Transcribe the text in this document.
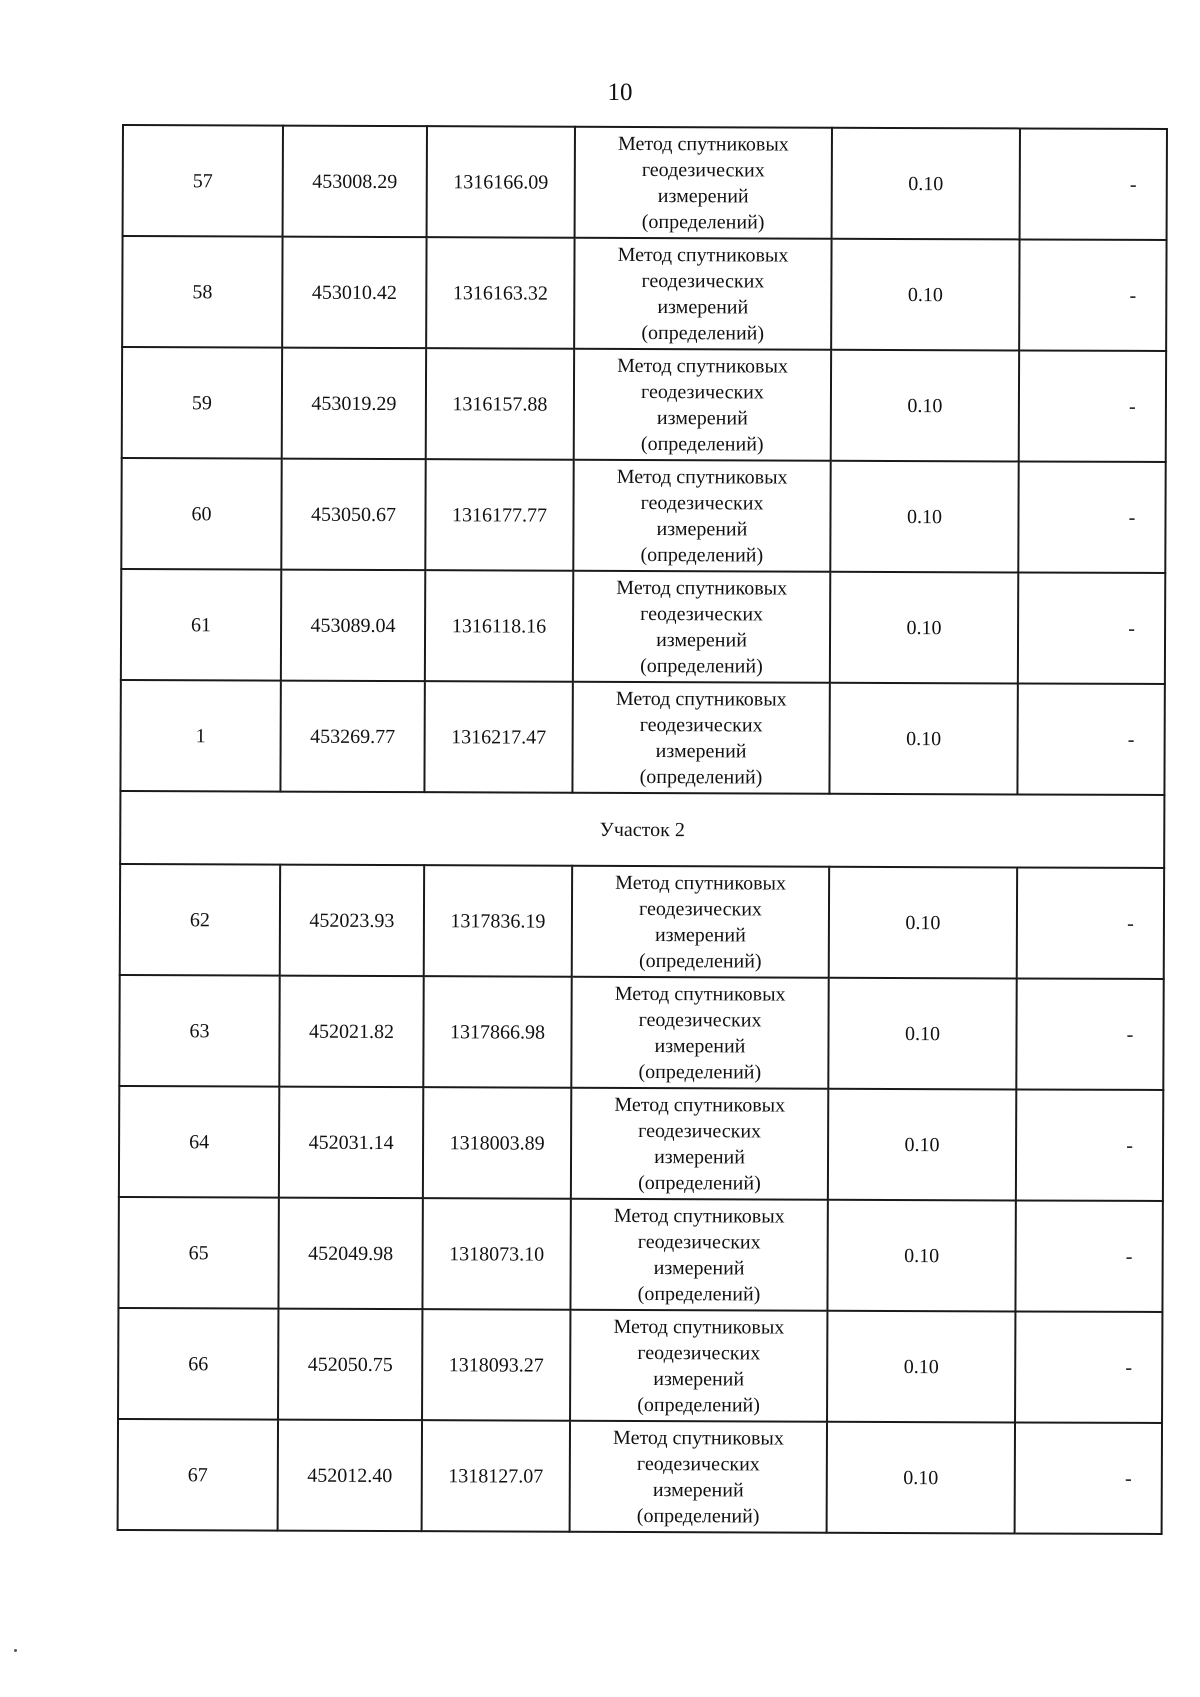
10
57	453008.29	1316166.09	Метод спутниковых
геодезических
измерений
(определений)	0.10	-
58	453010.42	1316163.32	Метод спутниковых
геодезических
измерений
(определений)	0.10	-
59	453019.29	1316157.88	Метод спутниковых
геодезических
измерений
(определений)	0.10	-
60	453050.67	1316177.77	Метод спутниковых
геодезических
измерений
(определений)	0.10	-
61	453089.04	1316118.16	Метод спутниковых
геодезических
измерений
(определений)	0.10	-
1	453269.77	1316217.47	Метод спутниковых
геодезических
измерений
(определений)	0.10	-
Участок 2					
62	452023.93	1317836.19	Метод спутниковых
геодезических
измерений
(определений)	0.10	-
63	452021.82	1317866.98	Метод спутниковых
геодезических
измерений
(определений)	0.10	-
64	452031.14	1318003.89	Метод спутниковых
геодезических
измерений
(определений)	0.10	-
65	452049.98	1318073.10	Метод спутниковых
геодезических
измерений
(определений)	0.10	-
66	452050.75	1318093.27	Метод спутниковых
геодезических
измерений
(определений)	0.10	-
67	452012.40	1318127.07	Метод спутниковых
геодезических
измерений
(определений)	0.10	-
